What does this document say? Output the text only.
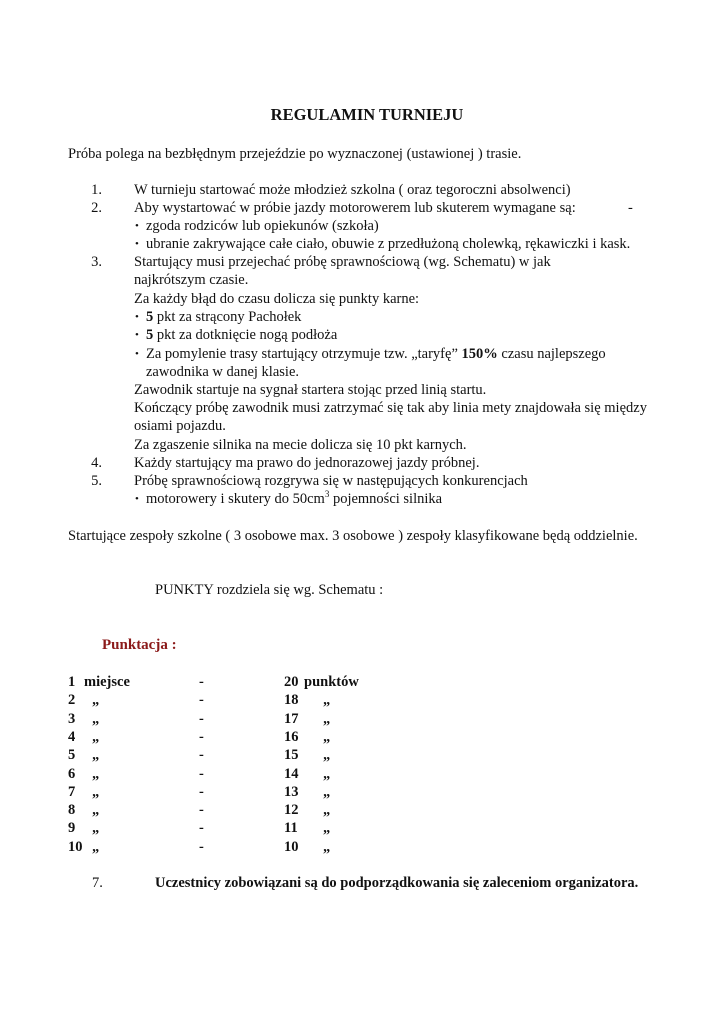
REGULAMIN TURNIEJU
Próba polega na bezbłędnym przejeździe po wyznaczonej (ustawionej ) trasie.
1. W turnieju startować może młodzież szkolna ( oraz tegoroczni absolwenci)
2. Aby wystartować w próbie jazdy motorowerem lub skuterem wymagane są:	-
• zgoda rodziców lub opiekunów (szkoła)
• ubranie zakrywające całe ciało, obuwie z przedłużoną cholewką, rękawiczki i kask.
3. Startujący musi przejechać próbę sprawnościową (wg. Schematu) w jak
najkrótszym czasie.
Za każdy błąd do czasu dolicza się punkty karne:
• 5 pkt za strącony Pachołek
• 5 pkt za dotknięcie nogą podłoża
• Za pomylenie trasy startujący otrzymuje tzw. „taryfę” 150% czasu najlepszego
zawodnika w danej klasie.
Zawodnik startuje na sygnał startera stojąc przed linią startu.
Kończący próbę zawodnik musi zatrzymać się tak aby linia mety znajdowała się między
osiami pojazdu.
Za zgaszenie silnika na mecie dolicza się 10 pkt karnych.
4. Każdy startujący ma prawo do jednorazowej jazdy próbnej.
5. Próbę sprawnościową rozgrywa się w następujących konkurencjach
• motorowery i skutery do $50cm^3$ pojemności silnika
Startujące zespoły szkolne ( 3 osobowe max. 3 osobowe ) zespoły klasyfikowane będą oddzielnie.
PUNKTY rozdziela się wg. Schematu :
Punktacja :
1 miejsce	-	20 punktów
2 „	-	18 „
3 „	-	17 „
4 „	-	16 „
5 „	-	15 „
6 „	-	14 „
7 „	-	13 „
8 „	-	12 „
9 „	-	11 „
10 „	-	10 „
7.	Uczestnicy zobowiązani są do podporządkowania się zaleceniom organizatora.
